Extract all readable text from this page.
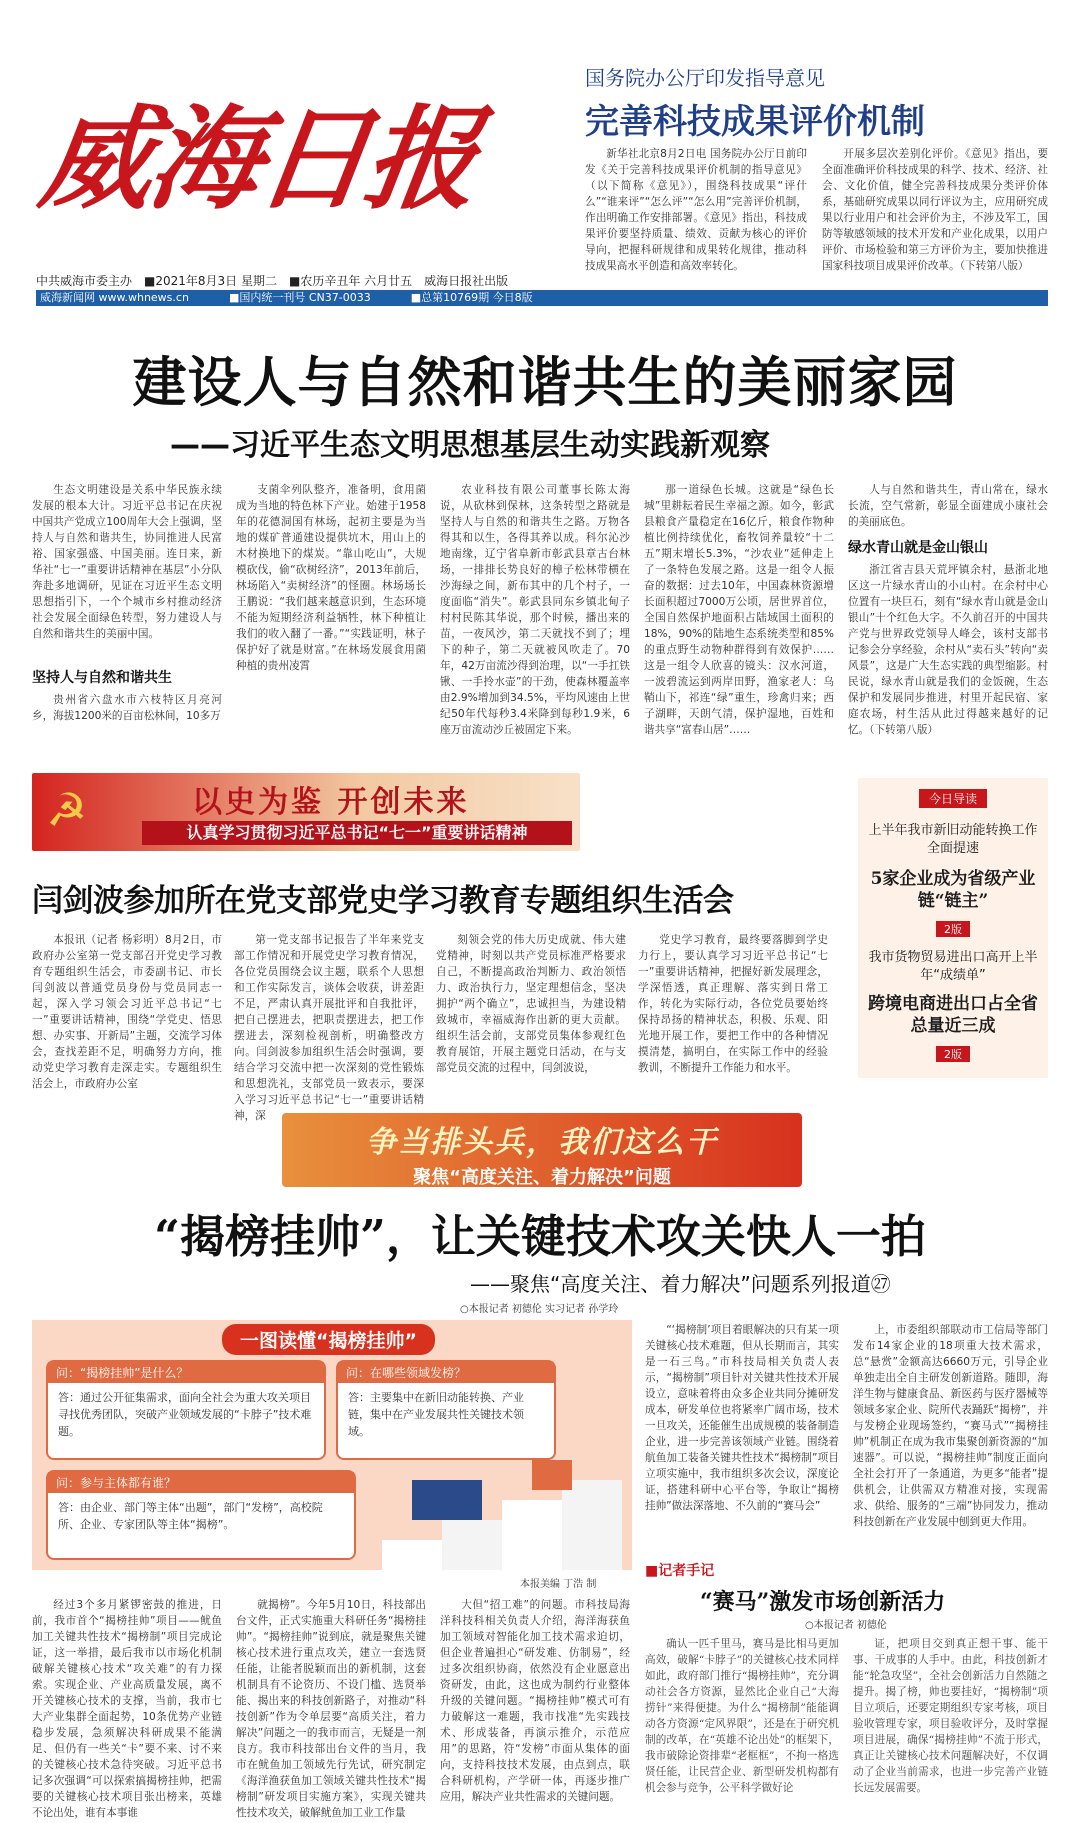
威海日报
中共威海市委主办 ■2021年8月3日 星期二 ■农历辛丑年 六月廿五 威海日报社出版
威海新闻网 www.whnews.cn	■国内统一刊号 CN37-0033	■总第10769期 今日8版
国务院办公厅印发指导意见
完善科技成果评价机制

新华社北京8月2日电 国务院办公厅日前印发《关于完善科技成果评价机制的指导意见》（以下简称《意见》），围绕科技成果“评什么”“谁来评”“怎么评”“怎么用”完善评价机制，作出明确工作安排部署。《意见》指出，科技成果评价要坚持质量、绩效、贡献为核心的评价导向，把握科研规律和成果转化规律，推动科技成果高水平创造和高效率转化。

开展多层次差别化评价。《意见》指出，要全面准确评价科技成果的科学、技术、经济、社会、文化价值，健全完善科技成果分类评价体系，基础研究成果以同行评议为主，应用研究成果以行业用户和社会评价为主，不涉及军工，国防等敏感领域的技术开发和产业化成果，以用户评价、市场检验和第三方评价为主，要加快推进国家科技项目成果评价改革。（下转第八版）

建设人与自然和谐共生的美丽家园
——习近平生态文明思想基层生动实践新观察

生态文明建设是关系中华民族永续发展的根本大计。习近平总书记在庆祝中国共产党成立100周年大会上强调，坚持人与自然和谐共生，协同推进人民富裕、国家强盛、中国美丽。连日来，新华社“七一”重要讲话精神在基层”小分队奔赴多地调研，见证在习近平生态文明思想指引下，一个个城市乡村推动经济社会发展全面绿色转型，努力建设人与自然和谐共生的美丽中国。

坚持人与自然和谐共生

贵州省六盘水市六枝特区月亮河乡，海拔1200米的百亩松林间，10多万

支菌伞列队整齐，准备明，食用菌成为当地的特色林下产业。始建于1958年的花德洞国有林场，起初主要是为当地的煤矿普通建设提供坑木，用山上的木材换地下的煤炭。“靠山吃山”，大规模砍伐，偷“砍树经济”，2013年前后，林场陷入“卖树经济”的怪圈。林场场长王鹏说：“我们越来越意识到，生态环境不能为短期经济利益牺牲，林下种植让我们的收入翻了一番。”“实践证明，林子保护好了就是财富。”在林场发展食用菌种植的贵州凌霄

农业科技有限公司董事长陈太海说，从砍林到保林，这条转型之路就是坚持人与自然的和谐共生之路。万物各得其和以生，各得其养以成。科尔沁沙地南缘，辽宁省阜新市彰武县章古台林场，一排排长势良好的樟子松林带横在沙海绿之间，新布其中的几个村子，一度面临“消失”。彰武县同东乡镇北甸子村村民陈其华说，那个时候，播出来的苗，一夜风沙，第二天就找不到了；埋下的种子，第二天就被风吹走了。70年，42万亩流沙得到治理，以“一手扛铁锹、一手拎水壶”的干劲，使森林覆盖率由2.9%增加到34.5%，平均风速由上世纪50年代每秒3.4米降到每秒1.9米，6座万亩流动沙丘被固定下来。

那一道绿色长城。这就是“绿色长城”里耕耘着民生幸福之源。如今，彰武县粮食产量稳定在16亿斤，粮食作物种植比例持续优化，畜牧饲养量较“十二五”期末增长5.3%，“沙农业”延伸走上了一条特色发展之路。这是一组令人振奋的数据：过去10年，中国森林资源增长面积超过7000万公顷，居世界首位，全国自然保护地面积占陆域国土面积的18%，90%的陆地生态系统类型和85%的重点野生动物种群得到有效保护……这是一组令人欣喜的镜头：汉水河道，一波碧流运到两岸田野，渔家老人：乌鞘山下，祁连“绿”重生，珍禽归来；西子湖畔，天朗气清，保护湿地，百姓和谐共享“富春山居”……

人与自然和谐共生，青山常在，绿水长流，空气常新，彰显全面建成小康社会的美丽底色。

绿水青山就是金山银山

浙江省吉县天荒坪镇余村，悬浙北地区这一片绿水青山的小山村。在余村中心位置有一块巨石，刻有“绿水青山就是金山银山”十个红色大字。不久前召开的中国共产党与世界政党领导人峰会，该村支部书记参会分享经验，余村从“卖石头”转向“卖风景”，这是广大生态实践的典型缩影。村民说，绿水青山就是我们的金饭碗，生态保护和发展同步推进，村里开起民宿、家庭农场，村生活从此过得越来越好的记忆。（下转第八版）

☭	以史为鉴 开创未来
认真学习贯彻习近平总书记“七一”重要讲话精神
闫剑波参加所在党支部党史学习教育专题组织生活会

本报讯（记者 杨彩明）8月2日，市政府办公室第一党支部召开党史学习教育专题组织生活会，市委副书记、市长闫剑波以普通党员身份与党员同志一起，深入学习领会习近平总书记“七一”重要讲话精神，围绕“学党史、悟思想、办实事、开新局”主题，交流学习体会，查找差距不足，明确努力方向，推动党史学习教育走深走实。专题组织生活会上，市政府办公室

第一党支部书记报告了半年来党支部工作情况和开展党史学习教育情况，各位党员围绕会议主题，联系个人思想和工作实际发言，谈体会收获，讲差距不足，严肃认真开展批评和自我批评，把自己摆进去，把职责摆进去，把工作摆进去，深刻检视剖析，明确整改方向。闫剑波参加组织生活会时强调，要结合学习交流中把一次深刻的党性锻炼和思想洗礼，支部党员一致表示，要深入学习习近平总书记“七一”重要讲话精神，深

刻领会党的伟大历史成就、伟大建党精神，时刻以共产党员标准严格要求自己，不断提高政治判断力、政治领悟力、政治执行力，坚定理想信念，坚决拥护“两个确立”，忠诚担当，为建设精致城市，幸福威海作出新的更大贡献。组织生活会前，支部党员集体参观红色教育展馆，开展主题党日活动，在与支部党员交流的过程中，闫剑波说，

党史学习教育，最终要落脚到学史力行上，要认真学习习近平总书记“七一”重要讲话精神，把握好新发展理念，学深悟透，真正理解、落实到日常工作，转化为实际行动，各位党员要始终保持昂扬的精神状态，积极、乐观、阳光地开展工作，要把工作中的各种情况摸清楚，搞明白，在实际工作中的经验教训，不断提升工作能力和水平。

今日导读
上半年我市新旧动能转换工作全面提速
5家企业成为省级产业链“链主”
2版
我市货物贸易进出口高开上半年“成绩单”
跨境电商进出口占全省总量近三成
2版
争当排头兵，我们这么干
聚焦“高度关注、着力解决”问题
“揭榜挂帅”，让关键技术攻关快人一拍
——聚焦“高度关注、着力解决”问题系列报道㉗
○本报记者 初德伦 实习记者 孙学玲
一图读懂“揭榜挂帅”
问：“揭榜挂帅”是什么？
答：通过公开征集需求，面向全社会为重大攻关项目寻找优秀团队，突破产业领域发展的“卡脖子”技术难题。
问：在哪些领域发榜？
答：主要集中在新旧动能转换、产业链，集中在产业发展共性关键技术领域。
问：参与主体都有谁？
答：由企业、部门等主体“出题”，部门“发榜”，高校院所、企业、专家团队等主体“揭榜”。
本报美编 丁浩 制

“‘揭榜制’项目着眼解决的只有某一项关键核心技术难题，但从长期而言，其实是一石三鸟。”市科技局相关负责人表示，“揭榜制”项目针对关键共性技术开展设立，意味着将由众多企业共同分摊研发成本，研发单位也将紧率广阔市场，技术一旦攻关，还能催生出成规模的装备制造企业，进一步完善该领域产业链。围绕着航鱼加工装备关键共性技术“揭榜制”项目立项实施中，我市组织多次会议，深度论证，搭建科研中心平台等，争取让“揭榜挂帅”做法深落地、不久前的“赛马会”

上，市委组织部联动市工信局等部门发布14家企业的18项重大技术需求，总“悬赏”金额高达6660万元，引导企业单独走出全自主研发创新道路。随即，海洋生物与健康食品、新医药与医疗器械等领域多家企业、院所代表踊跃“揭榜”，并与发榜企业现场签约，“赛马式”“揭榜挂帅”机制正在成为我市集聚创新资源的“加速器”。可以说，“揭榜挂帅”制度正面向全社会打开了一条通道，为更多“能者”提供机会，让供需双方精准对接，实现需求、供给、服务的“三端”协同发力，推动科技创新在产业发展中刨到更大作用。

经过3个多月紧锣密鼓的推进，日前，我市首个“揭榜挂帅”项目——鱿鱼加工关键共性技术“揭榜制”项目完成论证，这一举措，最后我市以市场化机制破解关键核心技术“攻关难”的有力探索。实现企业、产业高质量发展，离不开关键核心技术的支撑，当前，我市七大产业集群全面起势，10条优势产业链稳步发展，急须解决科研成果不能满足、但仍有一些关“卡”要不来、讨不来的关键核心技术急待突破。习近平总书记多次强调“可以探索搞揭榜挂帅，把需要的关键核心技术项目张出榜来，英雄不论出处，谁有本事谁

就揭榜”。今年5月10日，科技部出台文件，正式实施重大科研任务“揭榜挂帅”。“揭榜挂帅”说到底，就是聚焦关键核心技术进行重点攻关，建立一套选贤任能，让能者脱颖而出的新机制，这套机制具有不论资历、不设门槛、选贤举能、揭出来的科技创新路子，对推动“科技创新”作为令单层要“高质关注，着力解决”问题之一的我市而言，无疑是一剂良方。我市科技部出台文件的当月，我市在鱿鱼加工领域先行先试，研究制定《海洋渔获鱼加工领域关键共性技术“揭榜制”研发项目实施方案》，实现关键共性技术攻关，破解鱿鱼加工业工作量

大但“招工难”的问题。市科技局海洋科技科相关负责人介绍，海洋海获鱼加工领域对智能化加工技术需求迫切，但企业普遍担心“研发难、仿制易”，经过多次组织协商，依然没有企业愿意出资研发，由此，这也成为制约行业整体升级的关键问题。“揭榜挂帅”模式可有力破解这一难题，我市找准“先实践技术、形成装备，再演示推介，示范应用”的思路，符“发榜”市面从集体的面向，支持科技技术发展，由点到点，联合科研机构，产学研一体，再逐步推广应用，解决产业共性需求的关键问题。

■记者手记
“赛马”激发市场创新活力
○本报记者 初德伦

确认一匹千里马，赛马是比相马更加高效，破解“卡脖子”的关键核心技术同样如此，政府部门推行“揭榜挂帅”，充分调动社会各方资源，显然比企业自己“大海捞针”来得便捷。为什么“揭榜制”能能调动各方资源“定风界限”，还是在于研究机制的改革，在“英雄不论出处”的框架下，我市破除论资排辈“老框框”，不拘一格选贤任能，让民营企业、新型研发机构都有机会参与竞争，公平科学做好论

证，把项目交到真正想干事、能干事、干成事的人手中。由此，科技创新才能“轮急攻坚”，全社会创新活力自然随之提升。揭了榜，帅也要挂好，“揭榜制”项目立项后，还要定期组织专家考核，项目验收管理专家，项目验收评分，及时掌握项目进展，确保“揭榜挂帅”不流于形式，真正让关键核心技术问题解决好，不仅调动了企业当前需求，也进一步完善产业链长远发展需要。
